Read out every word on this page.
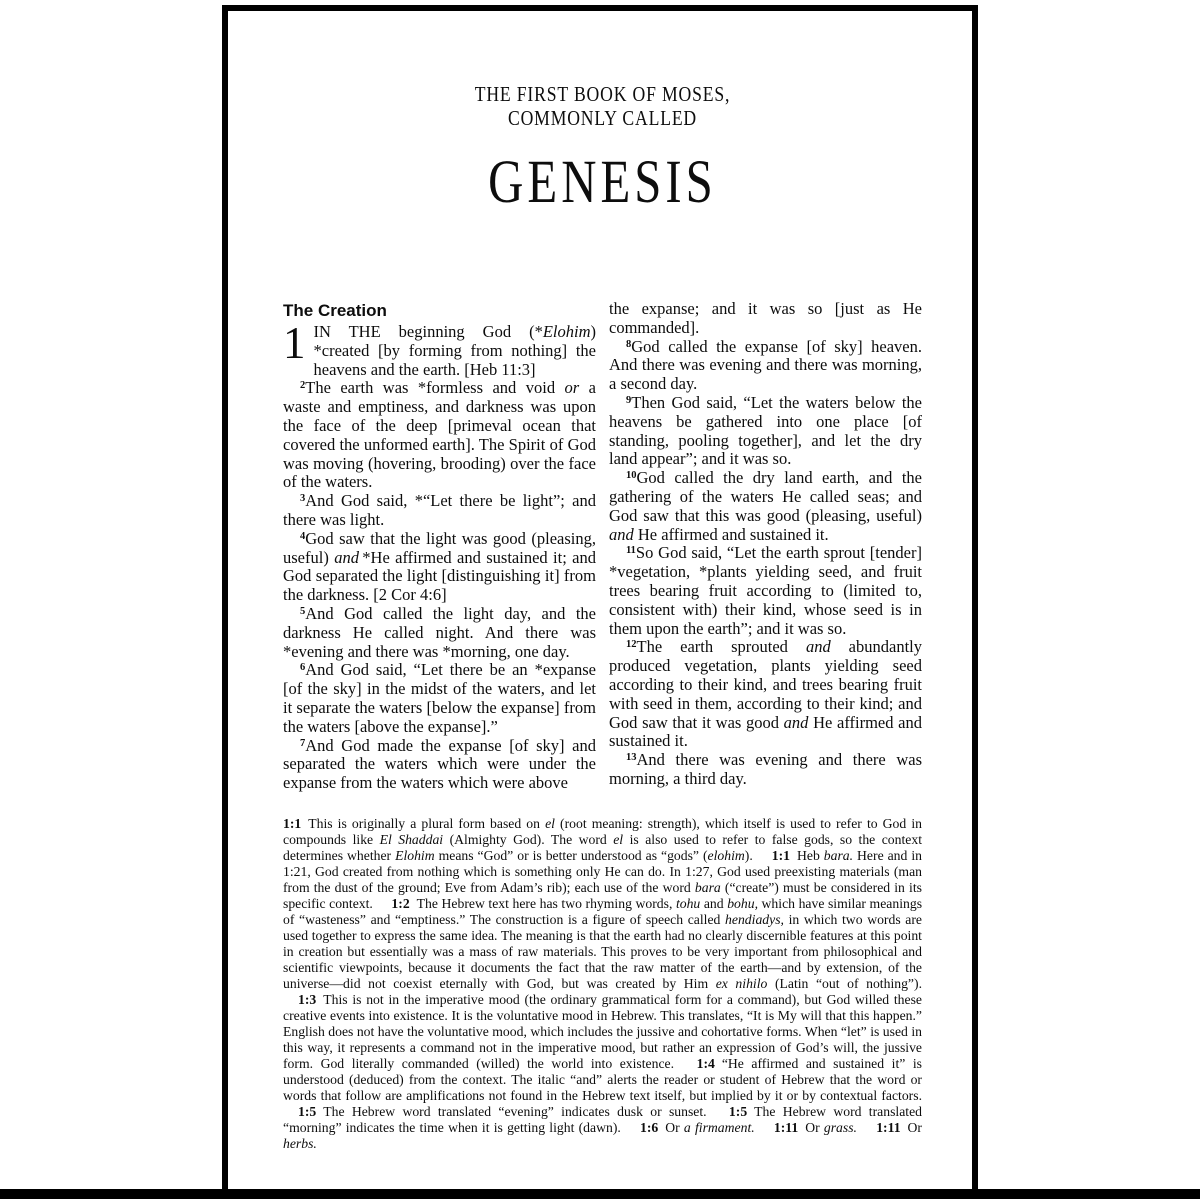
THE FIRST BOOK OF MOSES,
COMMONLY CALLED
GENESIS
The Creation

1 IN THE beginning God (*Elohim) *created [by forming from nothing] the heavens and the earth. [Heb 11:3]

$^2$The earth was *formless and void or a waste and emptiness, and darkness was upon the face of the deep [primeval ocean that covered the unformed earth]. The Spirit of God was moving (hovering, brooding) over the face of the waters.

$^3$And God said, *“Let there be light”; and there was light.

$^4$God saw that the light was good (pleasing, useful) and *He affirmed and sustained it; and God separated the light [distinguishing it] from the darkness. [2 Cor 4:6]

$^5$And God called the light day, and the darkness He called night. And there was *evening and there was *morning, one day.

$^6$And God said, “Let there be an *expanse [of the sky] in the midst of the waters, and let it separate the waters [below the expanse] from the waters [above the expanse].”

$^7$And God made the expanse [of sky] and separated the waters which were under the expanse from the waters which were above

the expanse; and it was so [just as He commanded].

$^8$God called the expanse [of sky] heaven. And there was evening and there was morning, a second day.

$^9$Then God said, “Let the waters below the heavens be gathered into one place [of standing, pooling together], and let the dry land appear”; and it was so.

$^{10}$God called the dry land earth, and the gathering of the waters He called seas; and God saw that this was good (pleasing, useful) and He affirmed and sustained it.

$^{11}$So God said, “Let the earth sprout [tender] *vegetation, *plants yielding seed, and fruit trees bearing fruit according to (limited to, consistent with) their kind, whose seed is in them upon the earth”; and it was so.

$^{12}$The earth sprouted and abundantly produced vegetation, plants yielding seed according to their kind, and trees bearing fruit with seed in them, according to their kind; and God saw that it was good and He affirmed and sustained it.

$^{13}$And there was evening and there was morning, a third day.

1:1 This is originally a plural form based on el (root meaning: strength), which itself is used to refer to God in compounds like El Shaddai (Almighty God). The word el is also used to refer to false gods, so the context determines whether Elohim means “God” or is better understood as “gods” (elohim). 1:1 Heb bara. Here and in 1:21, God created from nothing which is something only He can do. In 1:27, God used preexisting materials (man from the dust of the ground; Eve from Adam’s rib); each use of the word bara (“create”) must be considered in its specific context. 1:2 The Hebrew text here has two rhyming words, tohu and bohu, which have similar meanings of “wasteness” and “emptiness.” The construction is a figure of speech called hendiadys, in which two words are used together to express the same idea. The meaning is that the earth had no clearly discernible features at this point in creation but essentially was a mass of raw materials. This proves to be very important from philosophical and scientific viewpoints, because it documents the fact that the raw matter of the earth—and by extension, of the universe—did not coexist eternally with God, but was created by Him ex nihilo (Latin “out of nothing”). 1:3 This is not in the imperative mood (the ordinary grammatical form for a command), but God willed these creative events into existence. It is the voluntative mood in Hebrew. This translates, “It is My will that this happen.” English does not have the voluntative mood, which includes the jussive and cohortative forms. When “let” is used in this way, it represents a command not in the imperative mood, but rather an expression of God’s will, the jussive form. God literally commanded (willed) the world into existence. 1:4 “He affirmed and sustained it” is understood (deduced) from the context. The italic “and” alerts the reader or student of Hebrew that the word or words that follow are amplifications not found in the Hebrew text itself, but implied by it or by contextual factors. 1:5 The Hebrew word translated “evening” indicates dusk or sunset. 1:5 The Hebrew word translated “morning” indicates the time when it is getting light (dawn). 1:6 Or a firmament. 1:11 Or grass. 1:11 Or herbs.
